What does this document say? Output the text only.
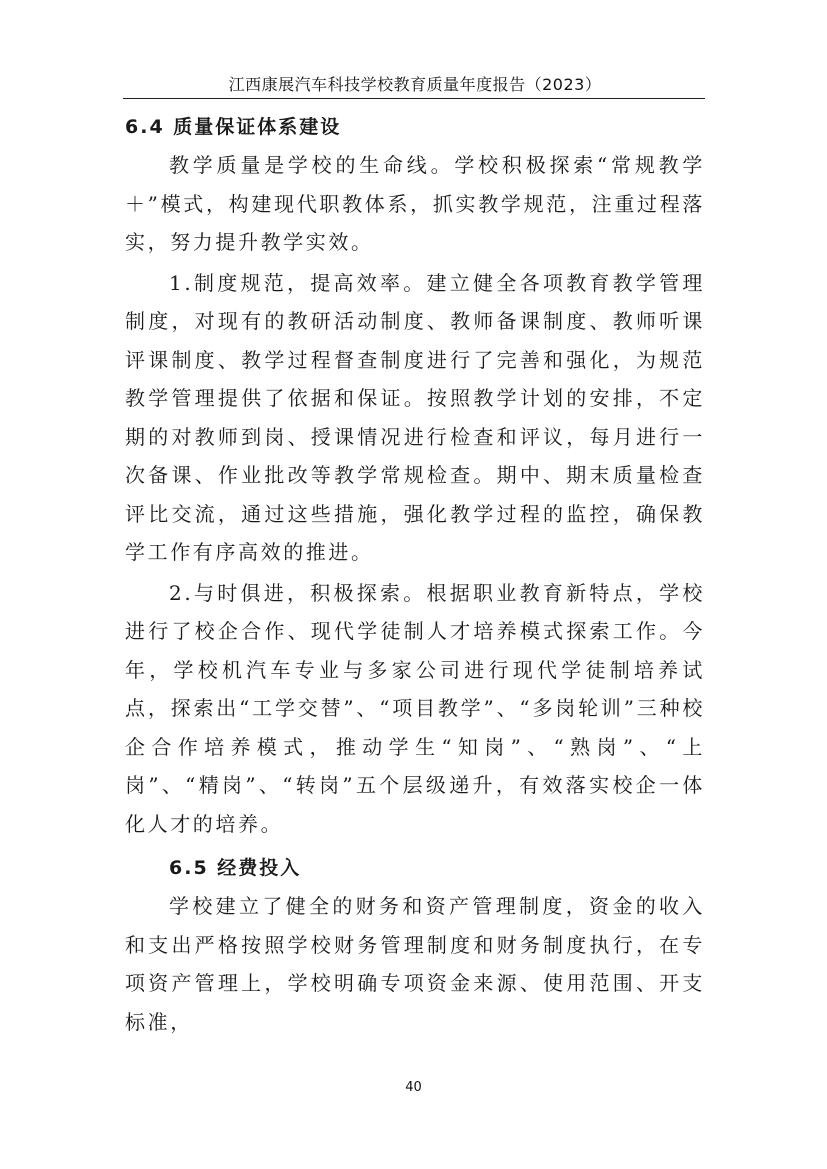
江西康展汽车科技学校教育质量年度报告（2023）
6.4 质量保证体系建设

教学质量是学校的生命线。学校积极探索“常规教学＋”模式，构建现代职教体系，抓实教学规范，注重过程落实，努力提升教学实效。

1.制度规范，提高效率。建立健全各项教育教学管理制度，对现有的教研活动制度、教师备课制度、教师听课评课制度、教学过程督查制度进行了完善和强化，为规范教学管理提供了依据和保证。按照教学计划的安排，不定期的对教师到岗、授课情况进行检查和评议，每月进行一次备课、作业批改等教学常规检查。期中、期末质量检查评比交流，通过这些措施，强化教学过程的监控，确保教学工作有序高效的推进。

2.与时俱进，积极探索。根据职业教育新特点，学校进行了校企合作、现代学徒制人才培养模式探索工作。今年，学校机汽车专业与多家公司进行现代学徒制培养试点，探索出“工学交替”、“项目教学”、“多岗轮训”三种校企合作培养模式，推动学生“知岗”、“熟岗”、“上岗”、“精岗”、“转岗”五个层级递升，有效落实校企一体化人才的培养。

6.5 经费投入

学校建立了健全的财务和资产管理制度，资金的收入和支出严格按照学校财务管理制度和财务制度执行，在专项资产管理上，学校明确专项资金来源、使用范围、开支标准，

40
